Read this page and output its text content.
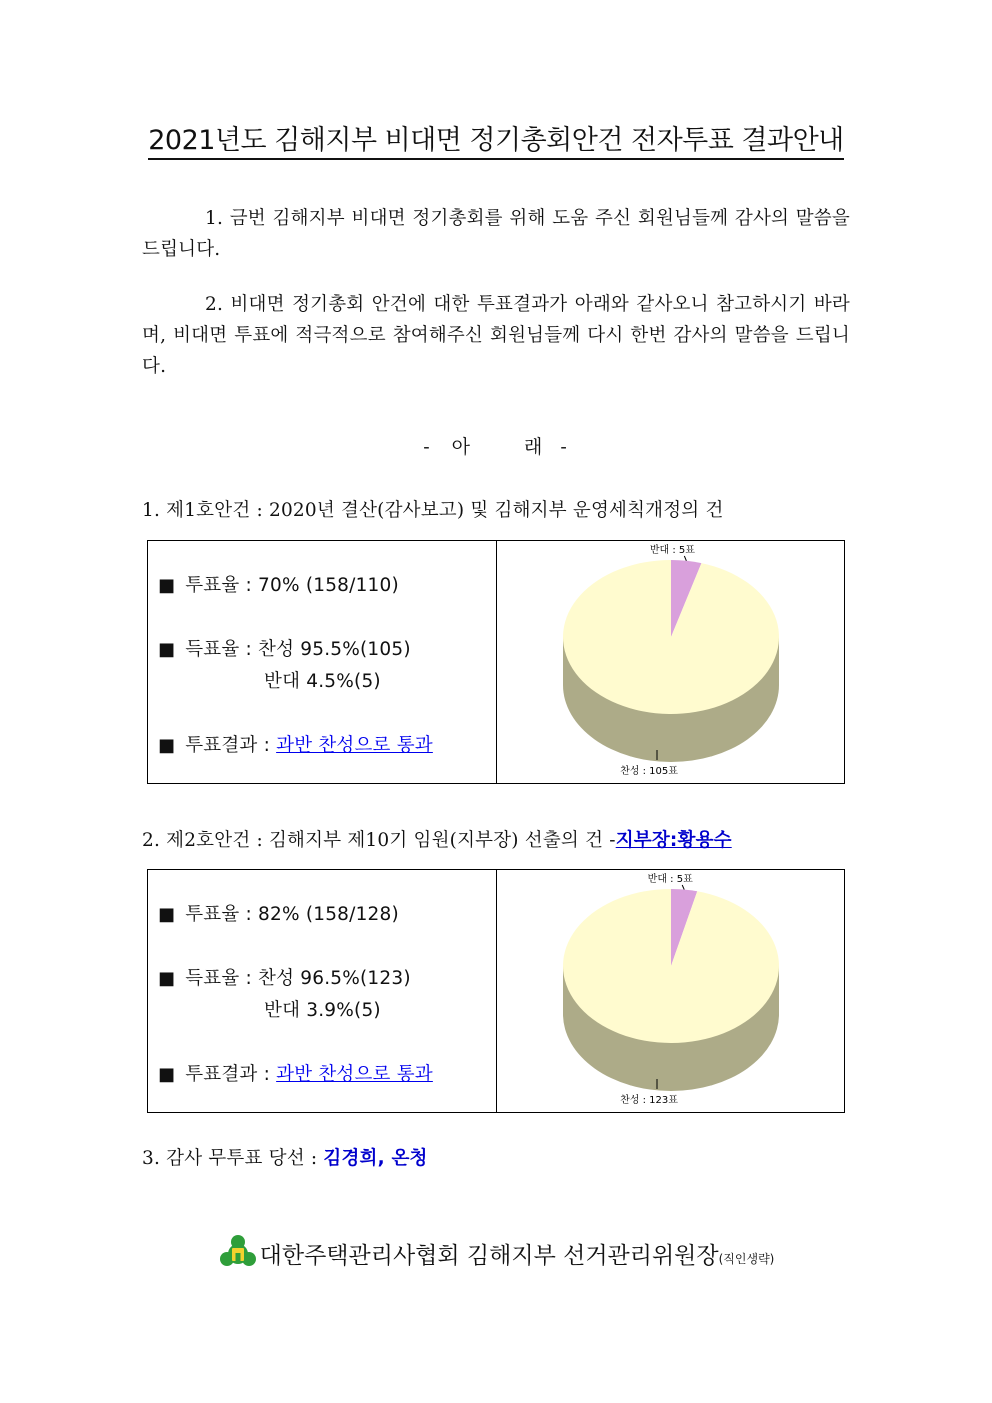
2021년도 김해지부 비대면 정기총회안건 전자투표 결과안내
1. 금번 김해지부 비대면 정기총회를 위해 도움 주신 회원님들께 감사의 말씀을 드립니다.
2. 비대면 정기총회 안건에 대한 투표결과가 아래와 같사오니 참고하시기 바라며, 비대면 투표에 적극적으로 참여해주신 회원님들께 다시 한번 감사의 말씀을 드립니다.
- 아	래 -
1. 제1호안건 : 2020년 결산(감사보고) 및 김해지부 운영세칙개정의 건
■ 투표율 : 70% (158/110)
■ 득표율 : 찬성 95.5%(105)
반대 4.5%(5)
■ 투표결과 : 과반 찬성으로 통과
반대 : 5표
찬성 : 105표
2. 제2호안건 : 김해지부 제10기 임원(지부장) 선출의 건 -지부장:황용수
■ 투표율 : 82% (158/128)
■ 득표율 : 찬성 96.5%(123)
반대 3.9%(5)
■ 투표결과 : 과반 찬성으로 통과
반대 : 5표
찬성 : 123표
3. 감사 무투표 당선 : 김경희, 온청
대한주택관리사협회 김해지부 선거관리위원장(직인생략)
